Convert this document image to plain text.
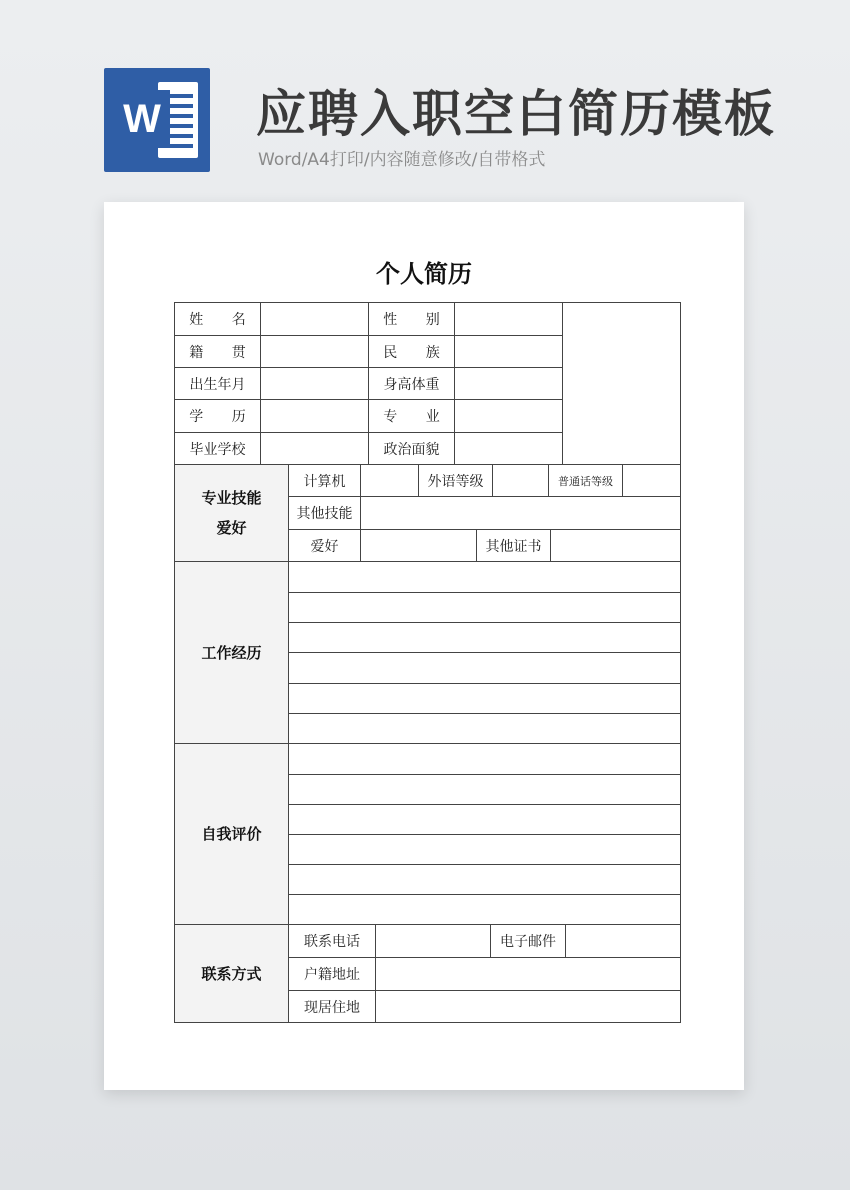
W 应聘入职空白简历模板
Word/A4打印/内容随意修改/自带格式
个人简历
姓 名	性 别
籍 贯	民 族
出生年月	身高体重
学 历	专 业
毕业学校	政治面貌
专业技能
爱好
计算机	外语等级	普通话等级
其他技能
爱好	其他证书
工作经历
自我评价
联系方式
联系电话	电子邮件
户籍地址
现居住地
